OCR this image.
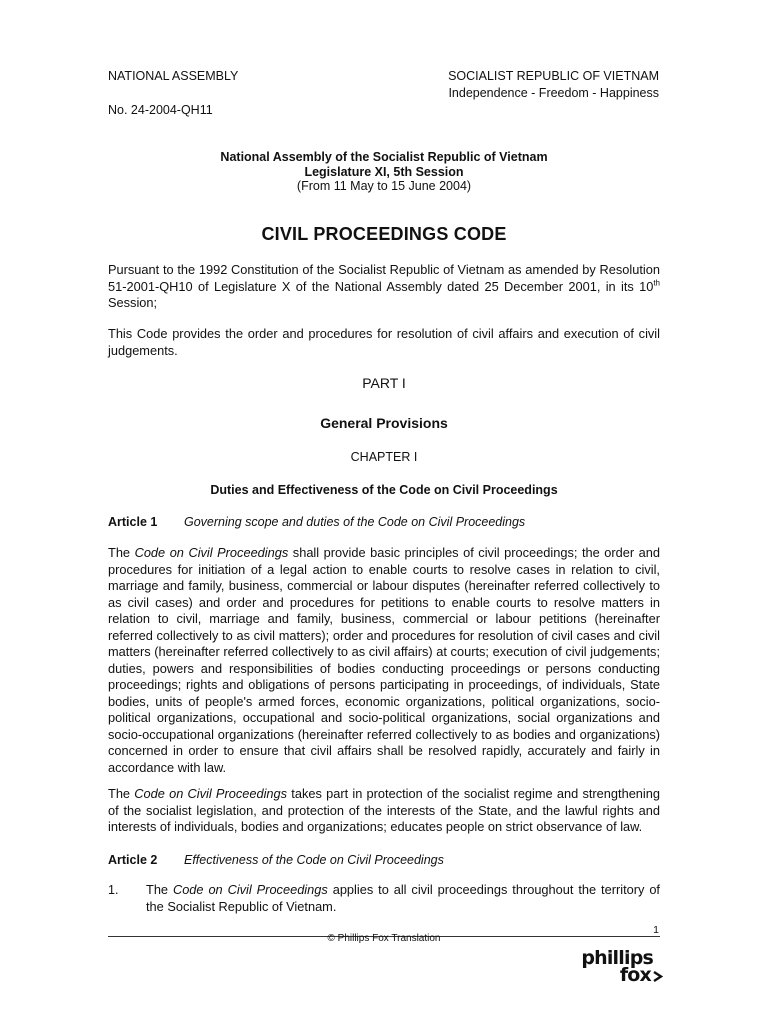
NATIONAL ASSEMBLY
No. 24-2004-QH11
SOCIALIST REPUBLIC OF VIETNAM
Independence - Freedom - Happiness
National Assembly of the Socialist Republic of Vietnam
Legislature XI, 5th Session
(From 11 May to 15 June 2004)
CIVIL PROCEEDINGS CODE
Pursuant to the 1992 Constitution of the Socialist Republic of Vietnam as amended by Resolution 51-2001-QH10 of Legislature X of the National Assembly dated 25 December 2001, in its 10th Session;
This Code provides the order and procedures for resolution of civil affairs and execution of civil judgements.
PART I
General Provisions
CHAPTER I
Duties and Effectiveness of the Code on Civil Proceedings
Article 1 Governing scope and duties of the Code on Civil Proceedings
The Code on Civil Proceedings shall provide basic principles of civil proceedings; the order and procedures for initiation of a legal action to enable courts to resolve cases in relation to civil, marriage and family, business, commercial or labour disputes (hereinafter referred collectively to as civil cases) and order and procedures for petitions to enable courts to resolve matters in relation to civil, marriage and family, business, commercial or labour petitions (hereinafter referred collectively to as civil matters); order and procedures for resolution of civil cases and civil matters (hereinafter referred collectively to as civil affairs) at courts; execution of civil judgements; duties, powers and responsibilities of bodies conducting proceedings or persons conducting proceedings; rights and obligations of persons participating in proceedings, of individuals, State bodies, units of people's armed forces, economic organizations, political organizations, socio-political organizations, occupational and socio-political organizations, social organizations and socio-occupational organizations (hereinafter referred collectively to as bodies and organizations) concerned in order to ensure that civil affairs shall be resolved rapidly, accurately and fairly in accordance with law.
The Code on Civil Proceedings takes part in protection of the socialist regime and strengthening of the socialist legislation, and protection of the interests of the State, and the lawful rights and interests of individuals, bodies and organizations; educates people on strict observance of law.
Article 2 Effectiveness of the Code on Civil Proceedings
1. The Code on Civil Proceedings applies to all civil proceedings throughout the territory of the Socialist Republic of Vietnam.
1
© Phillips Fox Translation
phillips
fox
